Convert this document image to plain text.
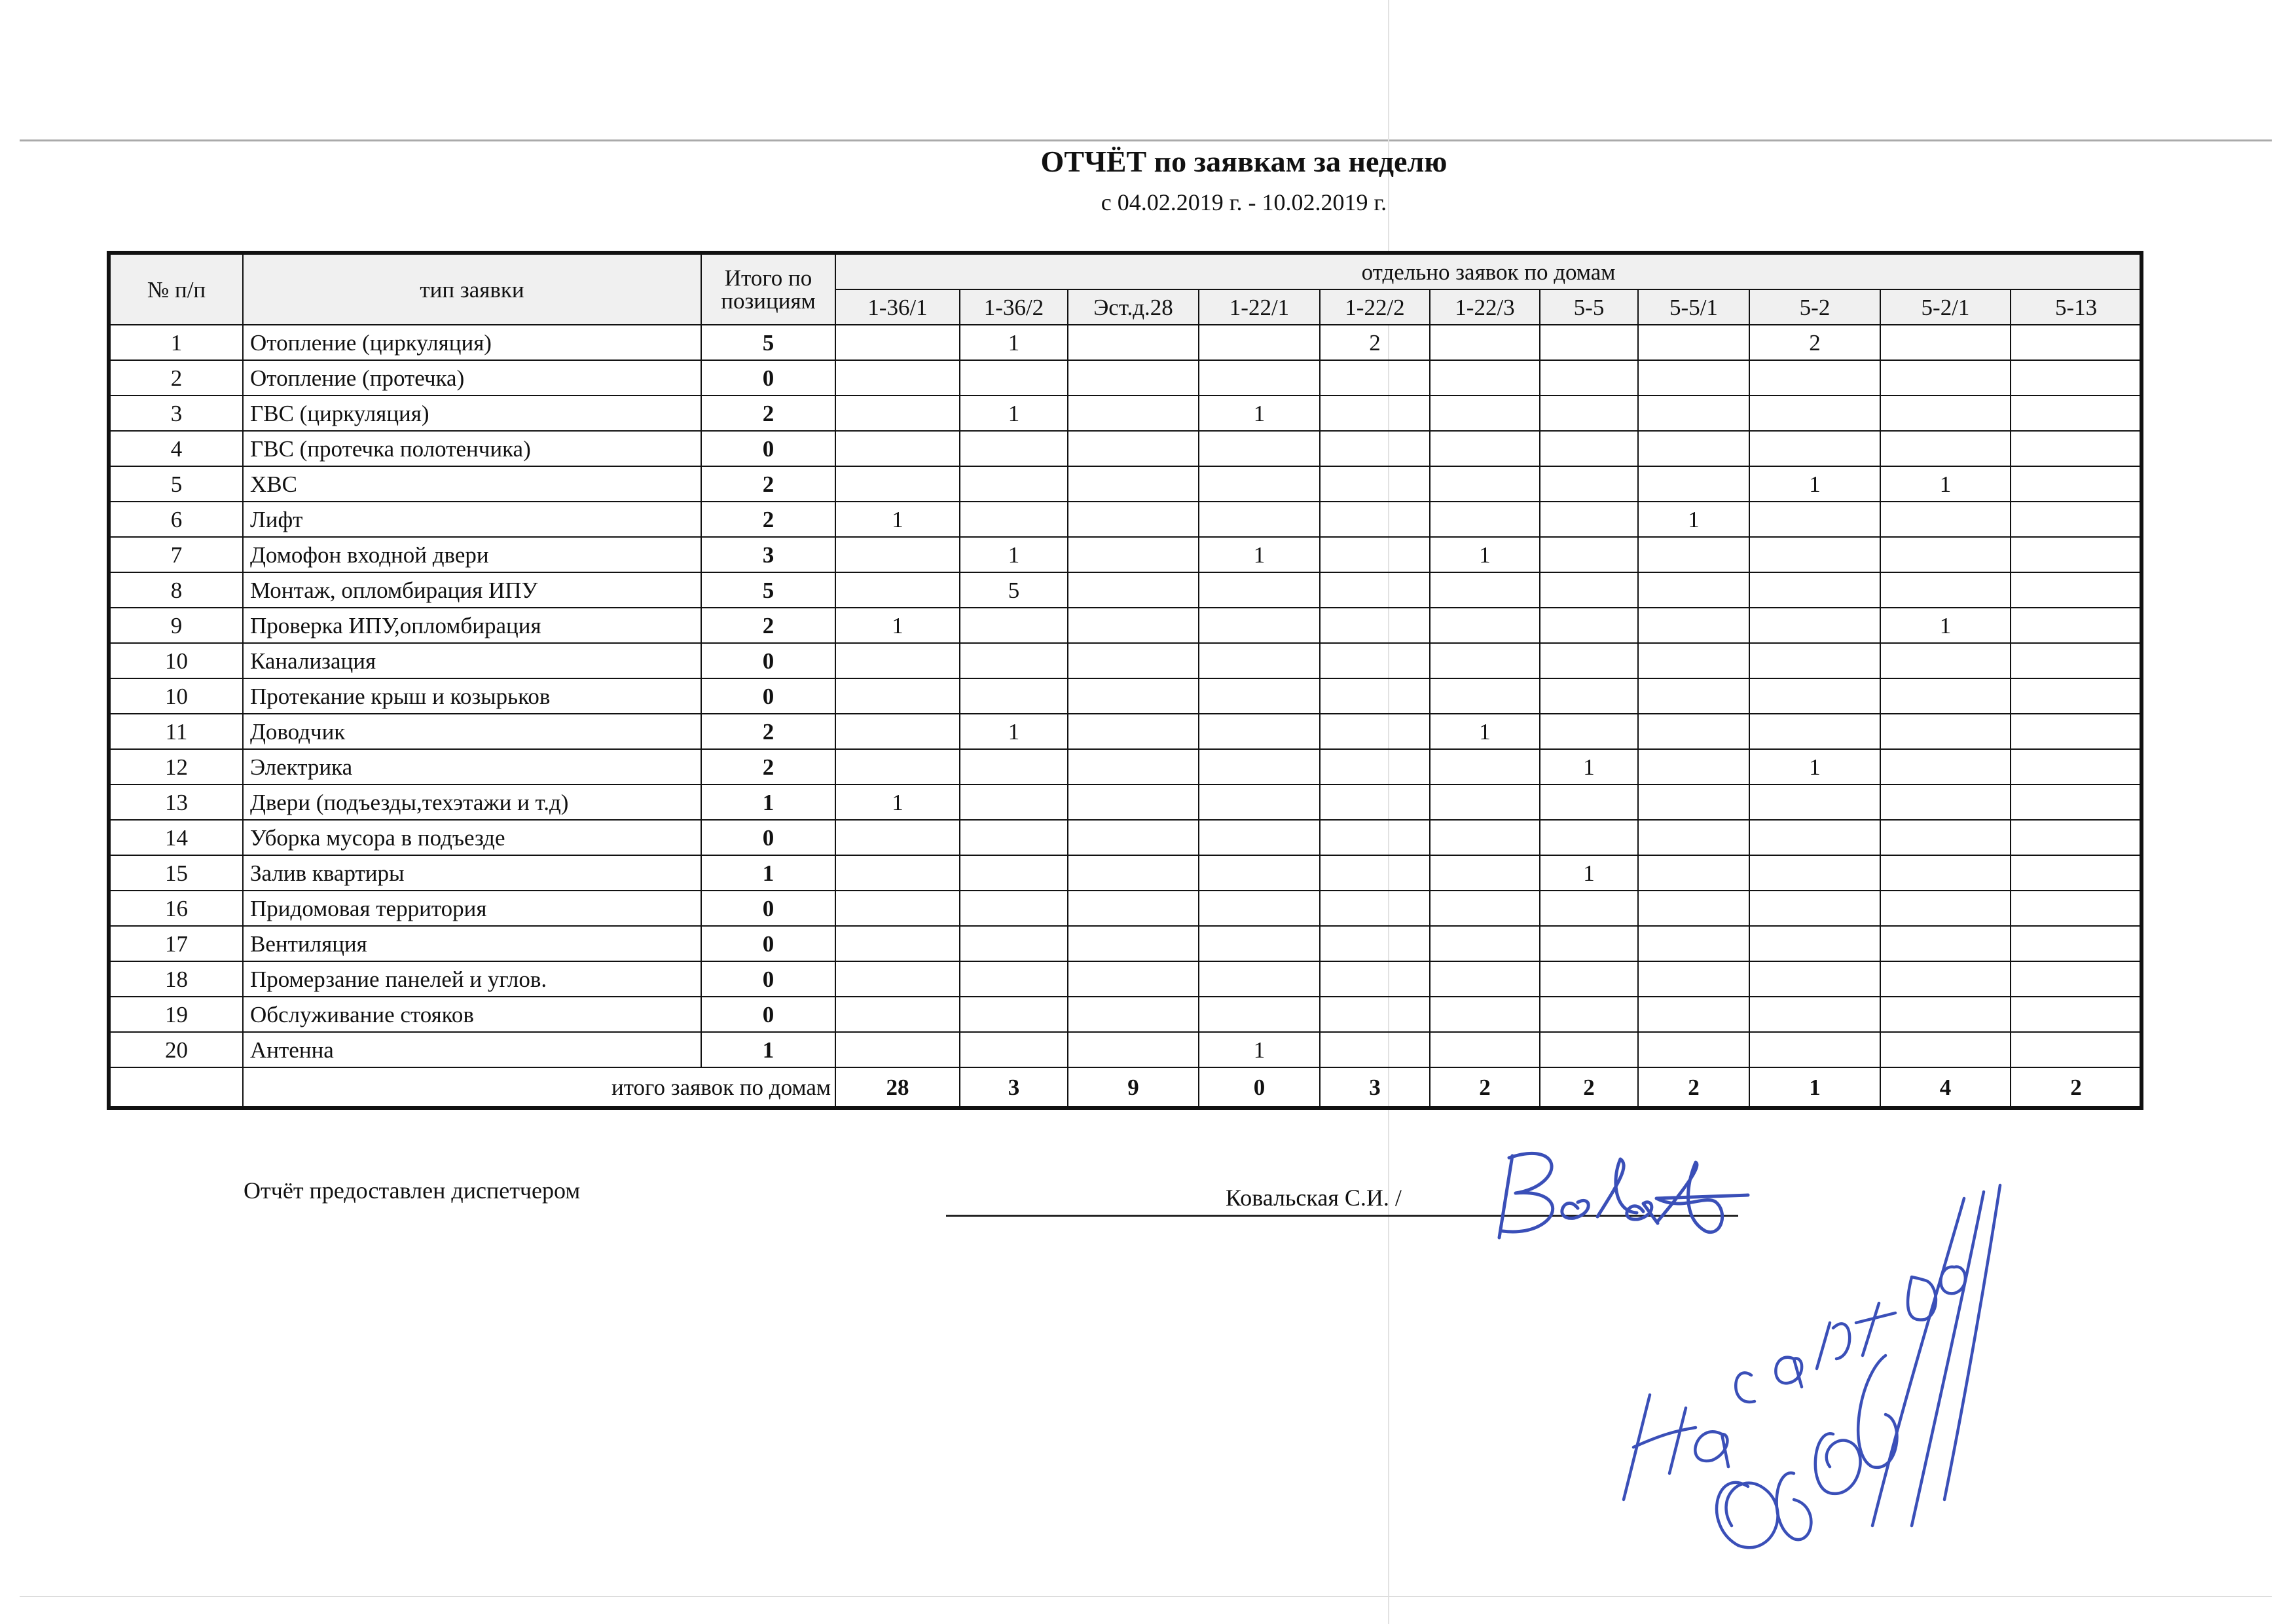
ОТЧЁТ по заявкам за неделю
с 04.02.2019 г. - 10.02.2019 г.
№ п/п	тип заявки	Итого по
позициям	отдельно заявок по домам											
			1-36/1	1-36/2	Эст.д.28	1-22/1	1-22/2	1-22/3	5-5	5-5/1	5-2	5-2/1	5-13	
1	Отопление (циркуляция)	5		1			2				2			
2	Отопление (протечка)	0												
3	ГВС (циркуляция)	2		1		1								
4	ГВС (протечка полотенчика)	0												
5	ХВС	2									1	1		
6	Лифт	2	1							1				
7	Домофон входной двери	3		1		1		1						
8	Монтаж, опломбирация ИПУ	5		5										
9	Проверка ИПУ,опломбирация	2	1									1		
10	Канализация	0												
10	Протекание крыш и козырьков	0												
11	Доводчик	2		1				1						
12	Электрика	2							1		1			
13	Двери (подъезды,техэтажи и т.д)	1	1											
14	Уборка мусора в подъезде	0												
15	Залив квартиры	1							1					
16	Придомовая территория	0												
17	Вентиляция	0												
18	Промерзание панелей и углов.	0												
19	Обслуживание стояков	0												
20	Антенна	1				1								
	итого заявок по домам		28	3	9	0	3	2	2	2	1	4	2	
Отчёт предоставлен диспетчером	Ковальская С.И. /
